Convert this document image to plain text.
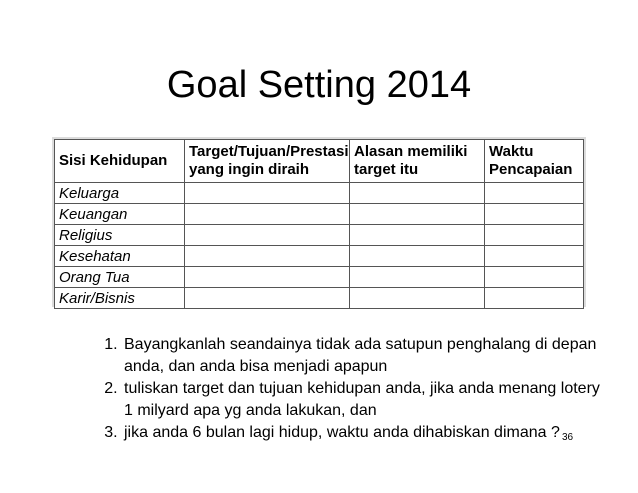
Goal Setting 2014
Sisi Kehidupan	Target/Tujuan/Prestasi yang ingin diraih	Alasan memiliki target itu	Waktu Pencapaian
Keluarga			
Keuangan			
Religius			
Kesehatan			
Orang Tua			
Karir/Bisnis			
1. Bayangkanlah seandainya tidak ada satupun penghalang di depan anda, dan anda bisa menjadi apapun
2. tuliskan target dan tujuan kehidupan anda, jika anda menang lotery 1 milyard apa yg anda lakukan, dan
3. jika anda 6 bulan lagi hidup, waktu anda dihabiskan dimana ? 36
